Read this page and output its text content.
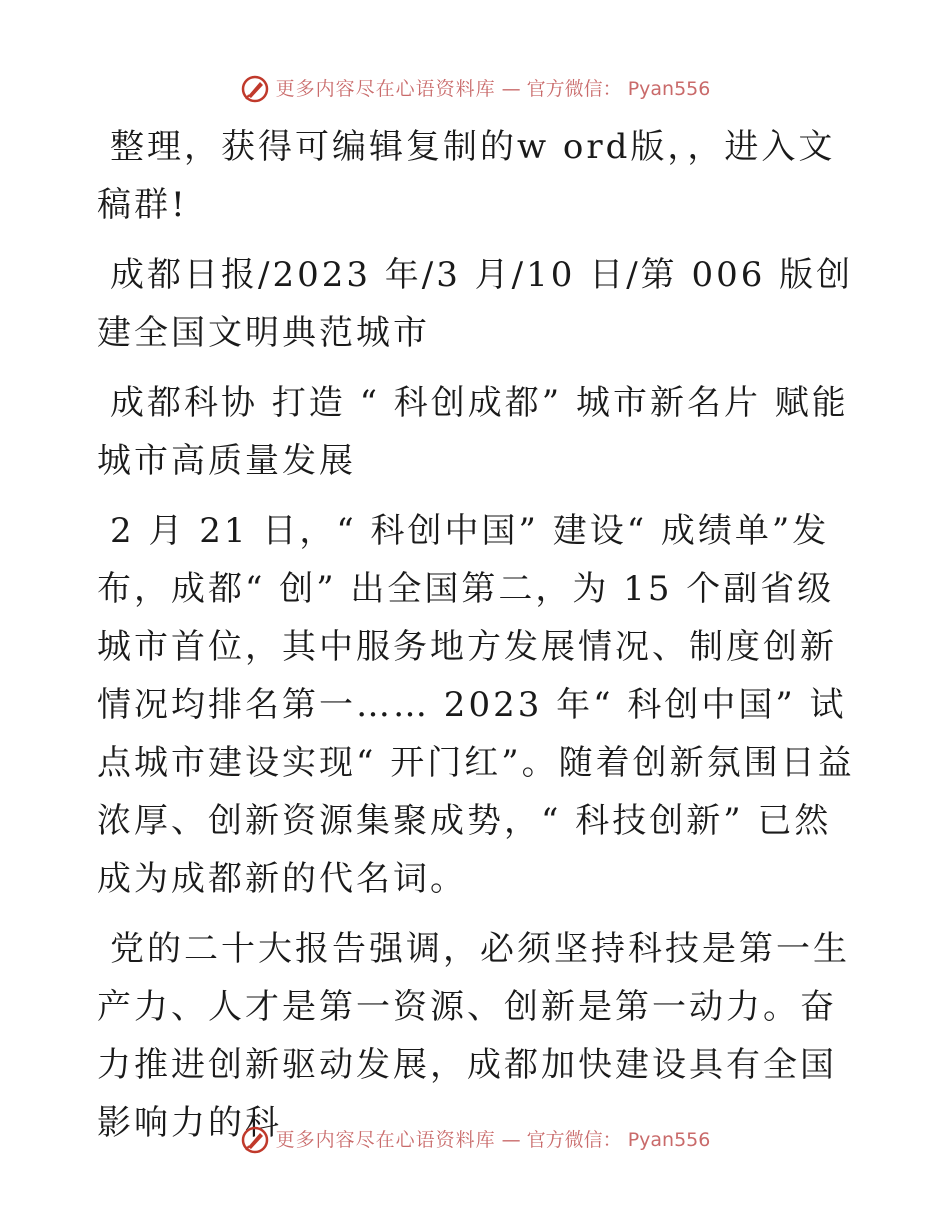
更多内容尽在心语资料库 — 官方微信： Pyan556

整理，获得可编辑复制的w ord版，，进入文稿群!

成都日报/2023 年/3 月/10 日/第 006 版创建全国文明典范城市

成都科协 打造 “ 科创成都” 城市新名片 赋能城市高质量发展

2 月 21 日，“ 科创中国” 建设“ 成绩单”发布，成都“ 创” 出全国第二，为 15 个副省级城市首位，其中服务地方发展情况、制度创新情况均排名第一…… 2023 年“ 科创中国” 试点城市建设实现“ 开门红”。随着创新氛围日益浓厚、创新资源集聚成势，“ 科技创新” 已然成为成都新的代名词。

党的二十大报告强调，必须坚持科技是第一生产力、人才是第一资源、创新是第一动力。奋力推进创新驱动发展，成都加快建设具有全国影响力的科

更多内容尽在心语资料库 — 官方微信： Pyan556
